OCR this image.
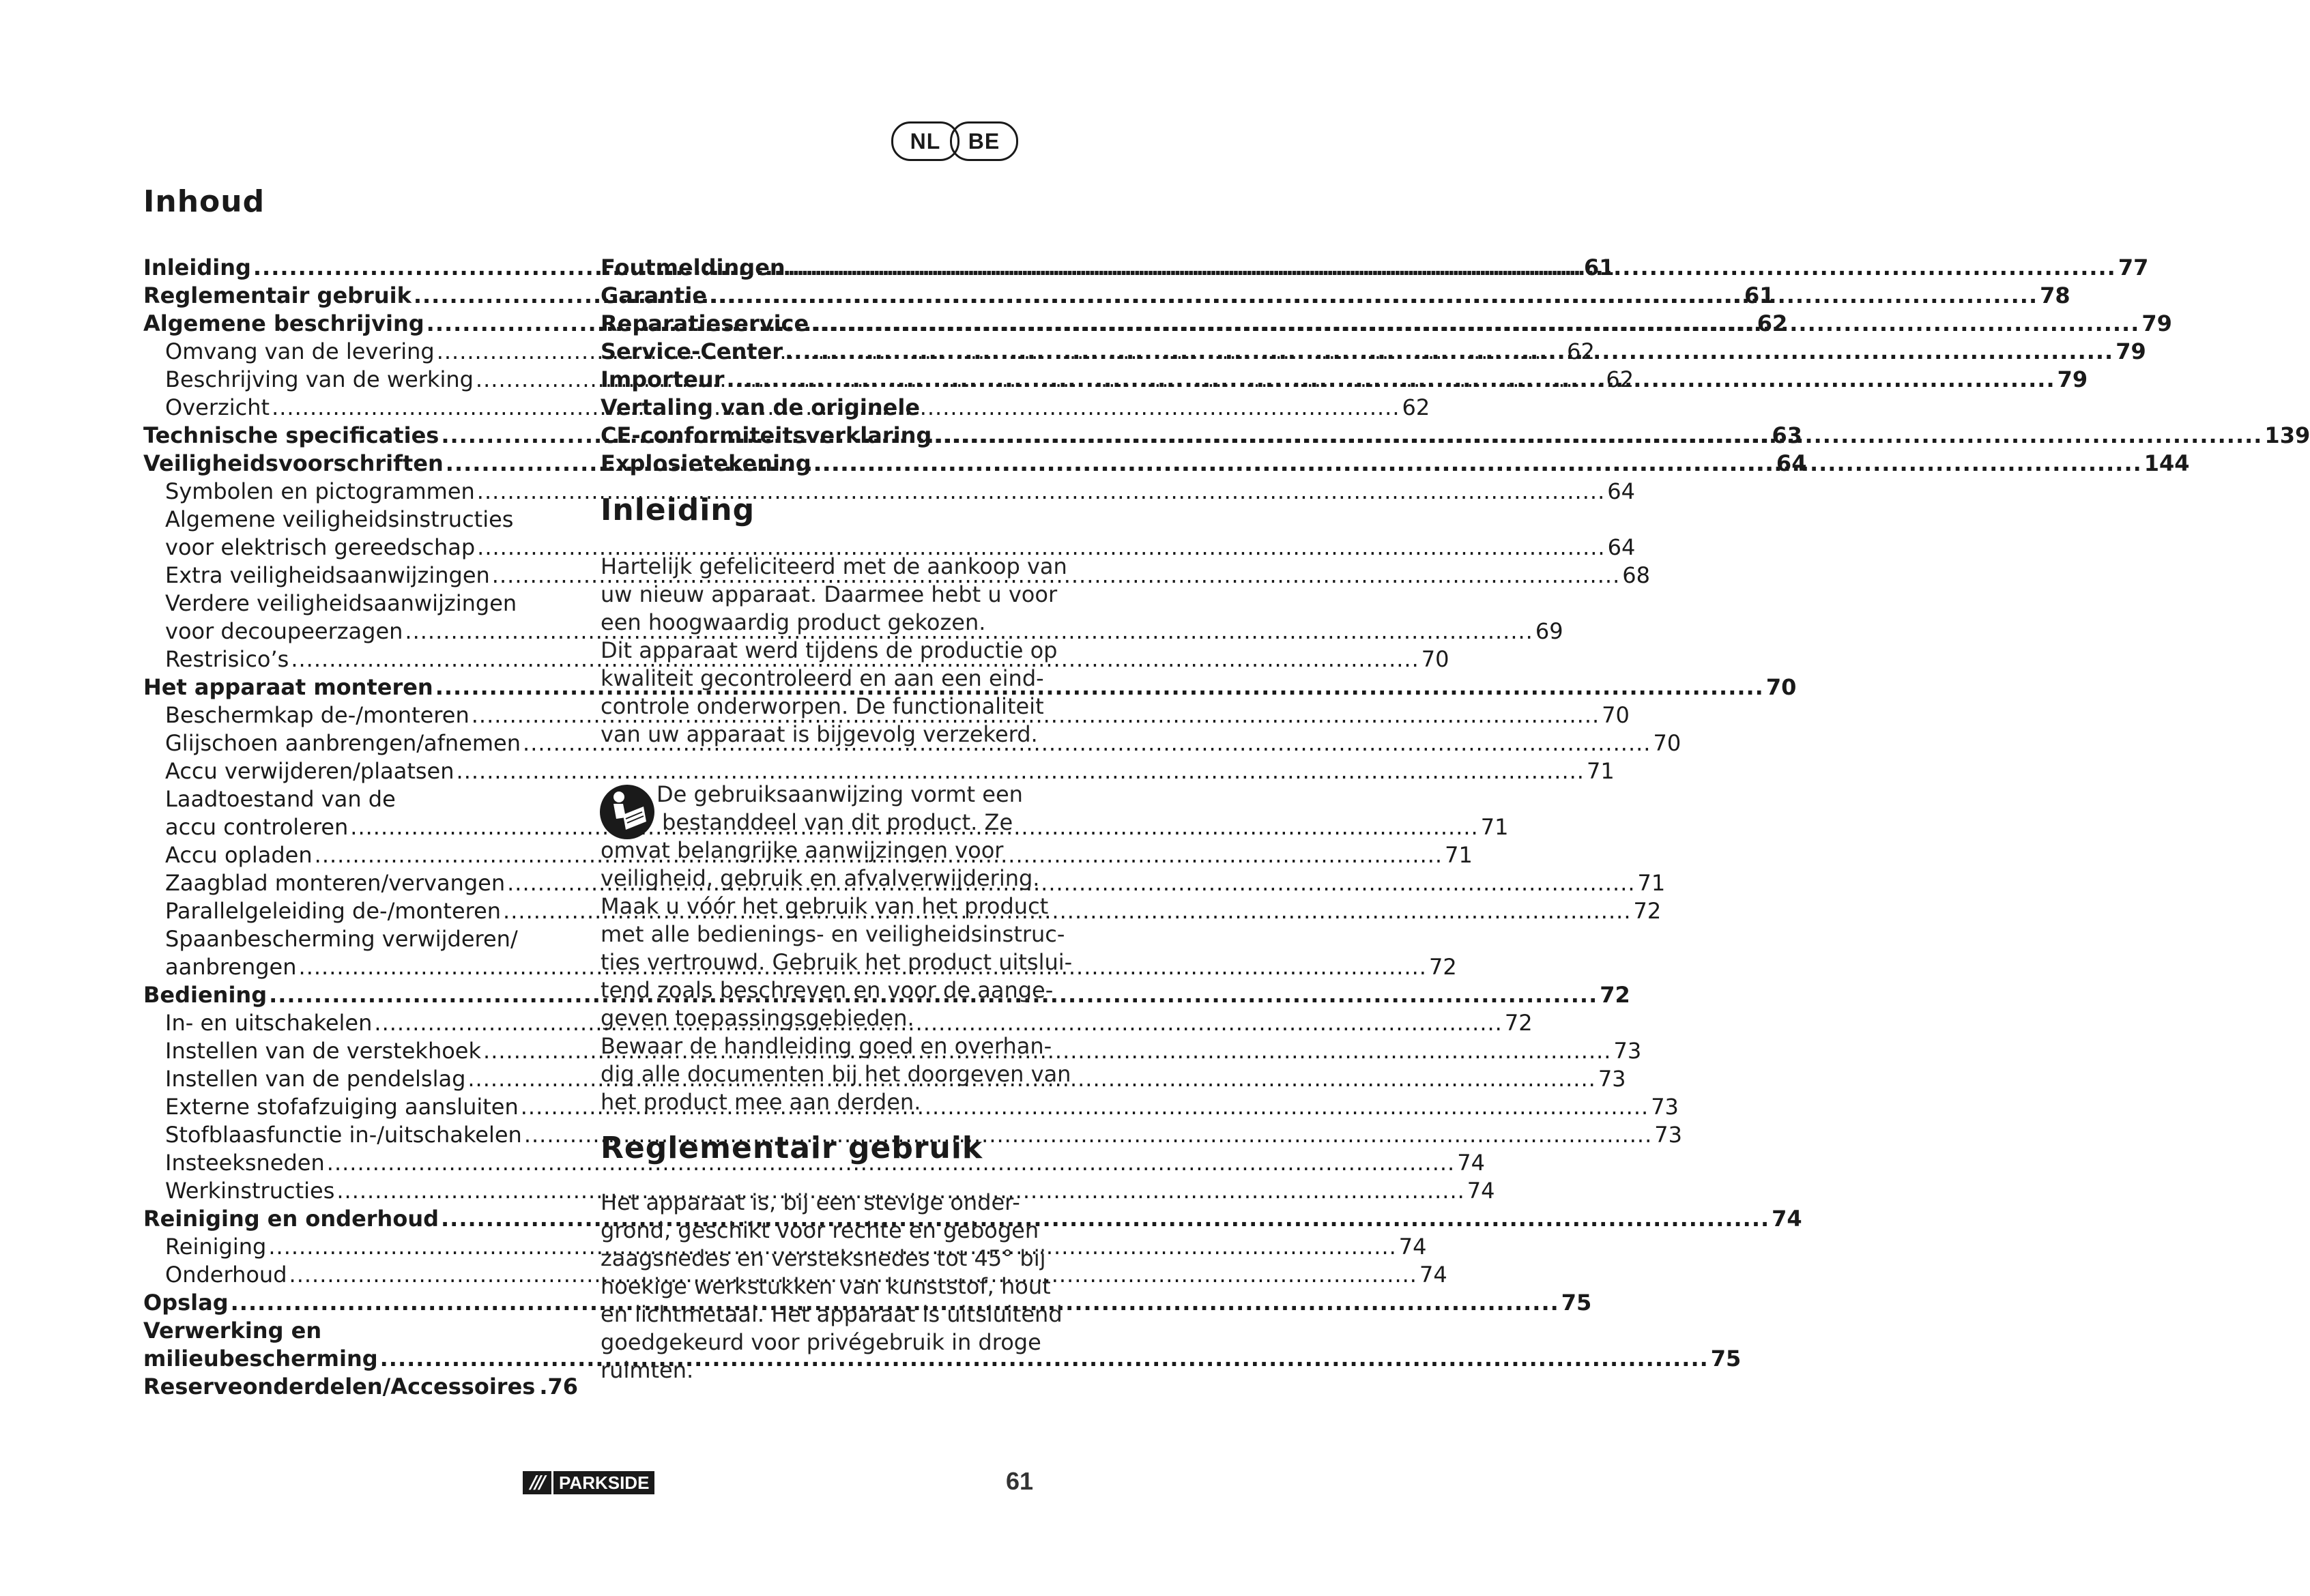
NL	BE
Inhoud
Inleiding .....	61
Reglementair gebruik .....	61
Algemene beschrijving .....	62
Omvang van de levering .....	62
Beschrijving van de werking .....	62
Overzicht .....	62
Technische specificaties .....	63
Veiligheidsvoorschriften .....	64
Symbolen en pictogrammen .....	64
Algemene veiligheidsinstructies
voor elektrisch gereedschap .....	64
Extra veiligheidsaanwijzingen .....	68
Verdere veiligheidsaanwijzingen
voor decoupeerzagen .....	69
Restrisico’s .....	70
Het apparaat monteren .....	70
Beschermkap de-/monteren .....	70
Glijschoen aanbrengen/afnemen .....	70
Accu verwijderen/plaatsen .....	71
Laadtoestand van de
accu controleren .....	71
Accu opladen .....	71
Zaagblad monteren/vervangen .....	71
Parallelgeleiding de-/monteren .....	72
Spaanbescherming verwijderen/
aanbrengen .....	72
Bediening .....	72
In- en uitschakelen .....	72
Instellen van de verstekhoek .....	73
Instellen van de pendelslag .....	73
Externe stofafzuiging aansluiten .....	73
Stofblaasfunctie in-/uitschakelen .....	73
Insteeksneden .....	74
Werkinstructies .....	74
Reiniging en onderhoud .....	74
Reiniging .....	74
Onderhoud .....	74
Opslag .....	75
Verwerking en
milieubescherming .....	75
Reserveonderdelen/Accessoires .76
Foutmeldingen .....	77
Garantie .....	78
Reparatieservice .....	79
Service-Center .....	79
Importeur .....	79
Vertaling van de originele
CE-conformiteitsverklaring .....	139
Explosietekening .....	144
Inleiding
Hartelijk gefeliciteerd met de aankoop van
uw nieuw apparaat. Daarmee hebt u voor
een hoogwaardig product gekozen.
Dit apparaat werd tijdens de productie op
kwaliteit gecontroleerd en aan een eind-
controle onderworpen. De functionaliteit
van uw apparaat is bijgevolg verzekerd.
De gebruiksaanwijzing vormt een
bestanddeel van dit product. Ze
omvat belangrijke aanwijzingen voor
veiligheid, gebruik en afvalverwijdering.
Maak u vóór het gebruik van het product
met alle bedienings- en veiligheidsinstruc-
ties vertrouwd. Gebruik het product uitslui-
tend zoals beschreven en voor de aange-
geven toepassingsgebieden.
Bewaar de handleiding goed en overhan-
dig alle documenten bij het doorgeven van
het product mee aan derden.
Reglementair gebruik
Het apparaat is, bij een stevige onder-
grond, geschikt voor rechte en gebogen
zaagsnedes en versteksnedes tot 45° bij
hoekige werkstukken van kunststof, hout
en lichtmetaal. Het apparaat is uitsluitend
goedgekeurd voor privégebruik in droge
ruimten.
/// PARKSIDE	61
